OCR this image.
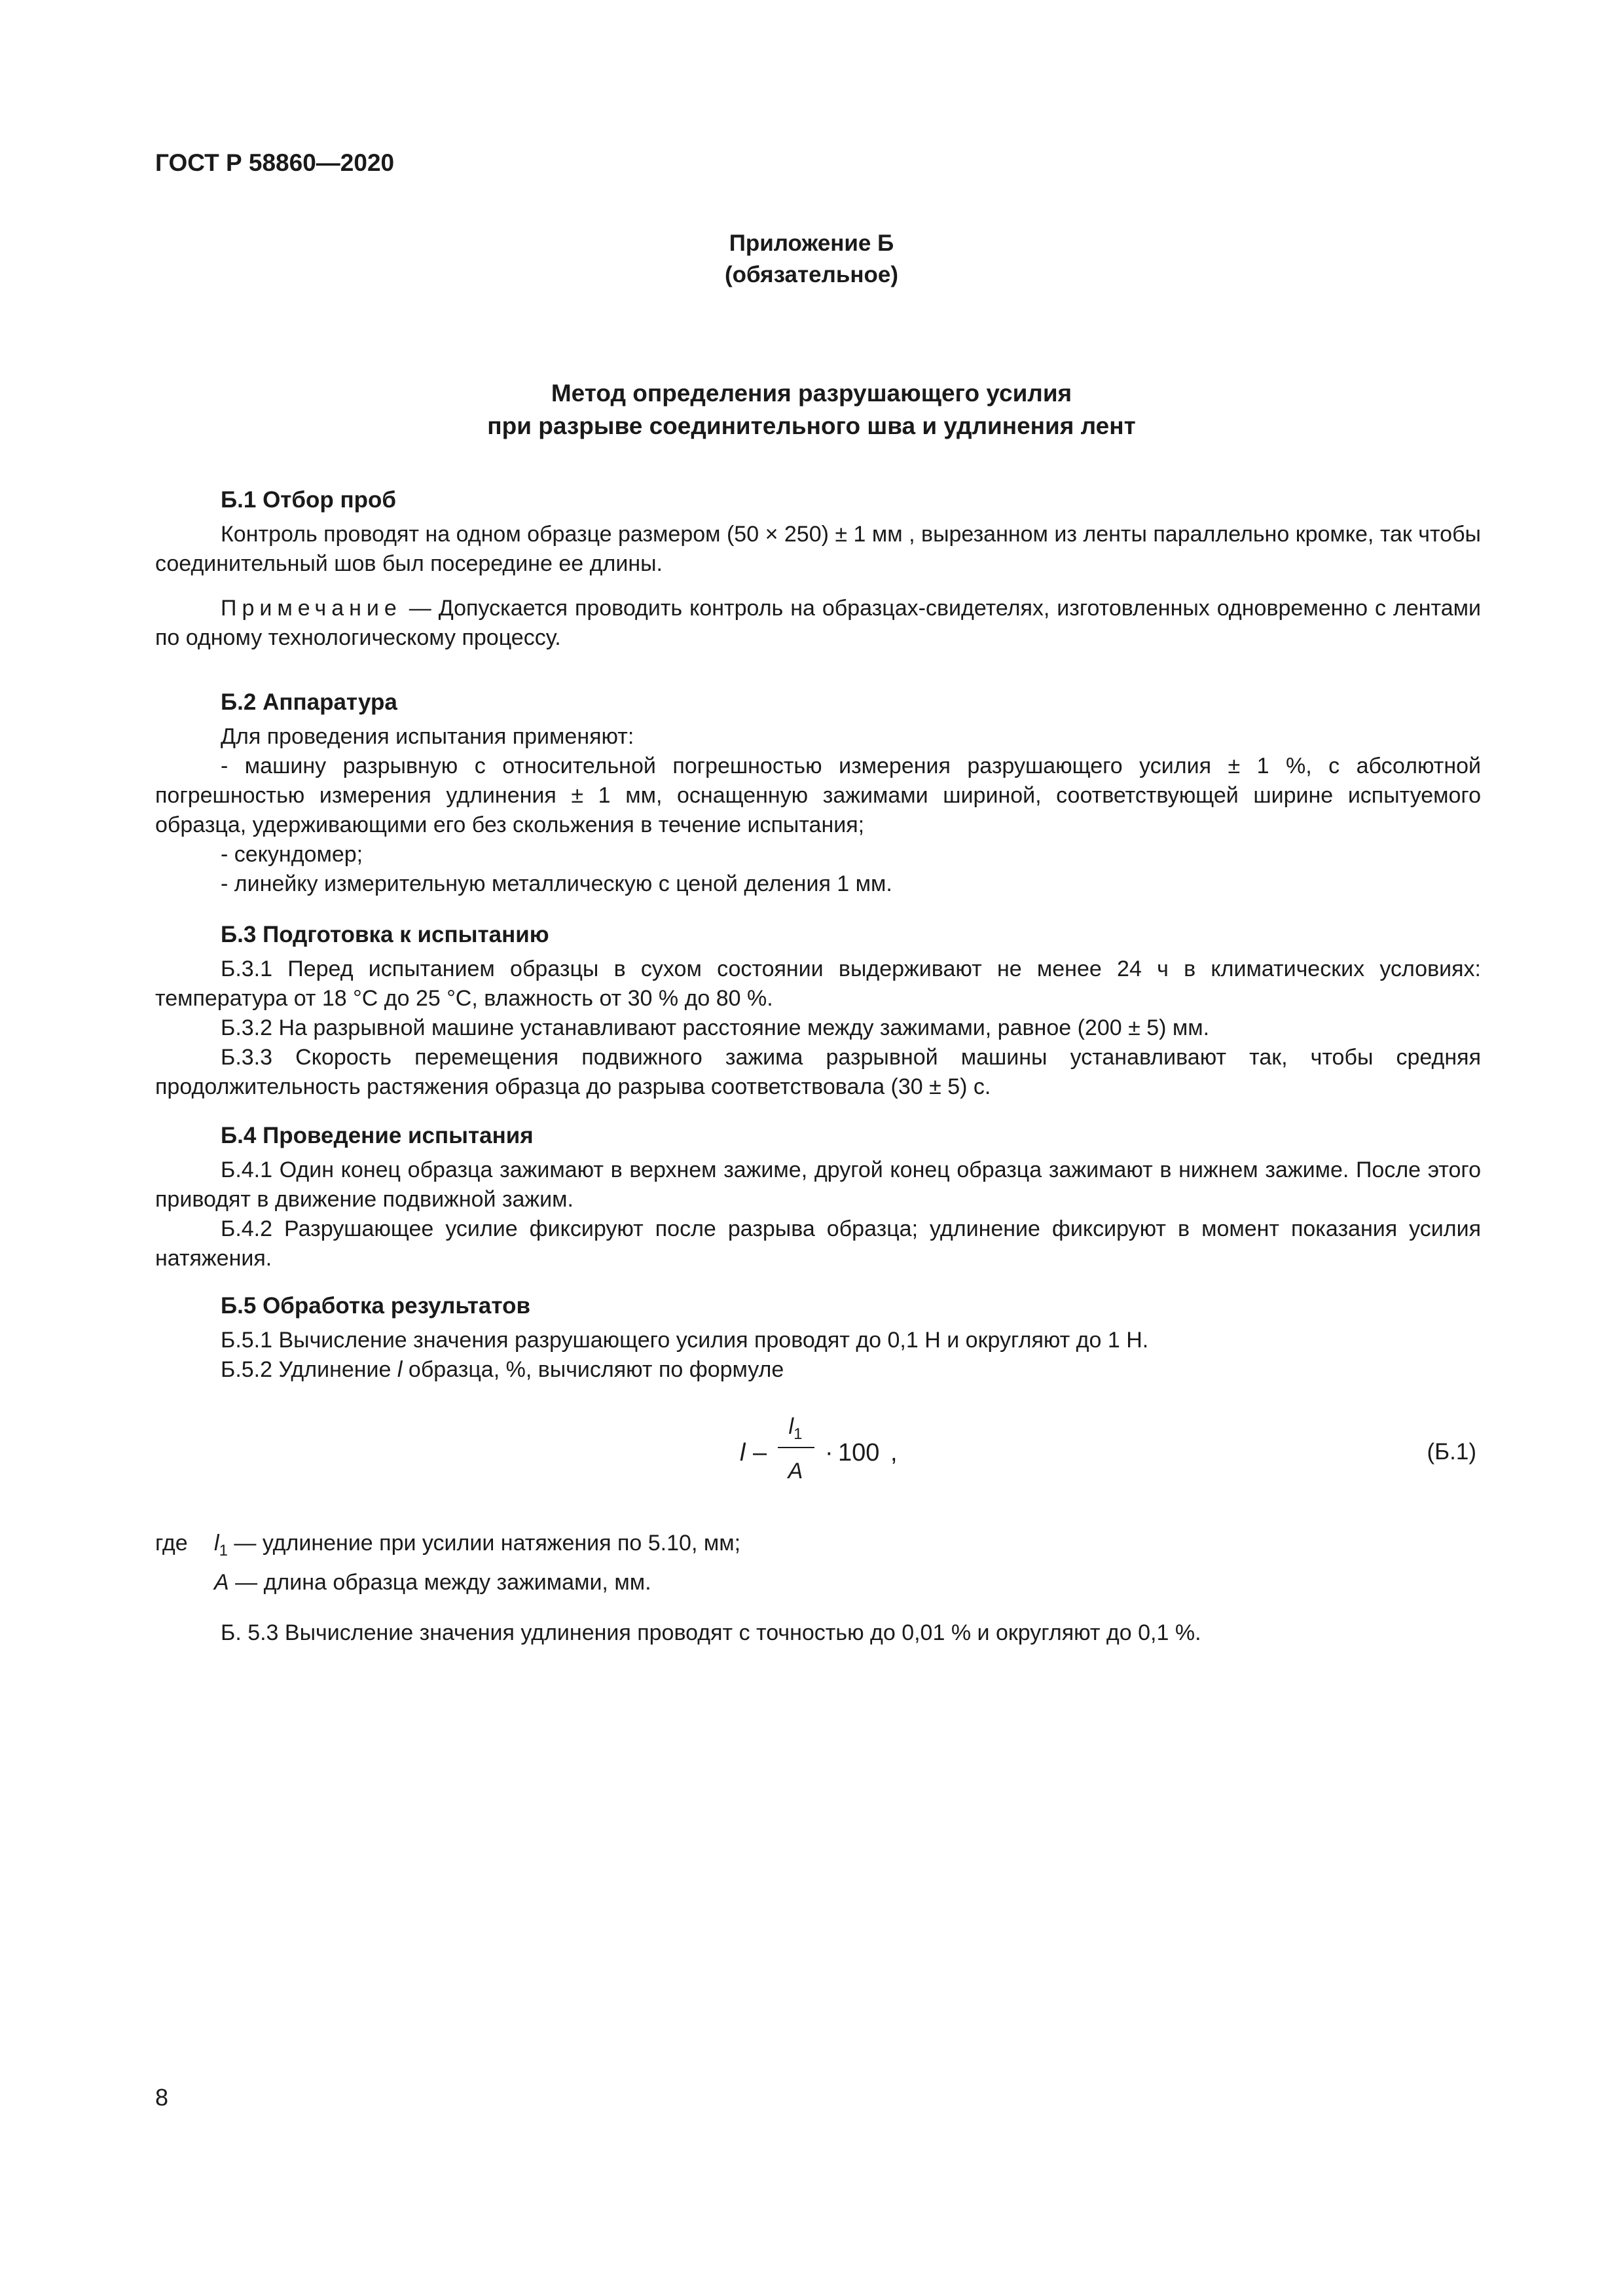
ГОСТ Р 58860—2020
Приложение Б
(обязательное)
Метод определения разрушающего усилия
при разрыве соединительного шва и удлинения лент
Б.1 Отбор проб
Контроль проводят на одном образце размером (50 × 250) ± 1 мм , вырезанном из ленты параллельно кромке, так чтобы соединительный шов был посередине ее длины.
Примечание — Допускается проводить контроль на образцах-свидетелях, изготовленных одновременно с лентами по одному технологическому процессу.
Б.2 Аппаратура
Для проведения испытания применяют:
- машину разрывную с относительной погрешностью измерения разрушающего усилия ± 1 %, с абсолютной погрешностью измерения удлинения ± 1 мм, оснащенную зажимами шириной, соответствующей ширине испытуемого образца, удерживающими его без скольжения в течение испытания;
- секундомер;
- линейку измерительную металлическую с ценой деления 1 мм.
Б.3 Подготовка к испытанию
Б.3.1 Перед испытанием образцы в сухом состоянии выдерживают не менее 24 ч в климатических условиях: температура от 18 °С до 25 °С, влажность от 30 % до 80 %.
Б.3.2 На разрывной машине устанавливают расстояние между зажимами, равное (200 ± 5) мм.
Б.3.3 Скорость перемещения подвижного зажима разрывной машины устанавливают так, чтобы средняя продолжительность растяжения образца до разрыва соответствовала (30 ± 5) с.
Б.4 Проведение испытания
Б.4.1 Один конец образца зажимают в верхнем зажиме, другой конец образца зажимают в нижнем зажиме. После этого приводят в движение подвижной зажим.
Б.4.2 Разрушающее усилие фиксируют после разрыва образца; удлинение фиксируют в момент показания усилия натяжения.
Б.5 Обработка результатов
Б.5.1 Вычисление значения разрушающего усилия проводят до 0,1 Н и округляют до 1 Н.
Б.5.2 Удлинение l образца, %, вычисляют по формуле
l –
$l_1$
A
· 100 ,	(Б.1)
где	$l_1$ — удлинение при усилии натяжения по 5.10, мм;
A — длина образца между зажимами, мм.
Б. 5.3 Вычисление значения удлинения проводят с точностью до 0,01 % и округляют до 0,1 %.
8
